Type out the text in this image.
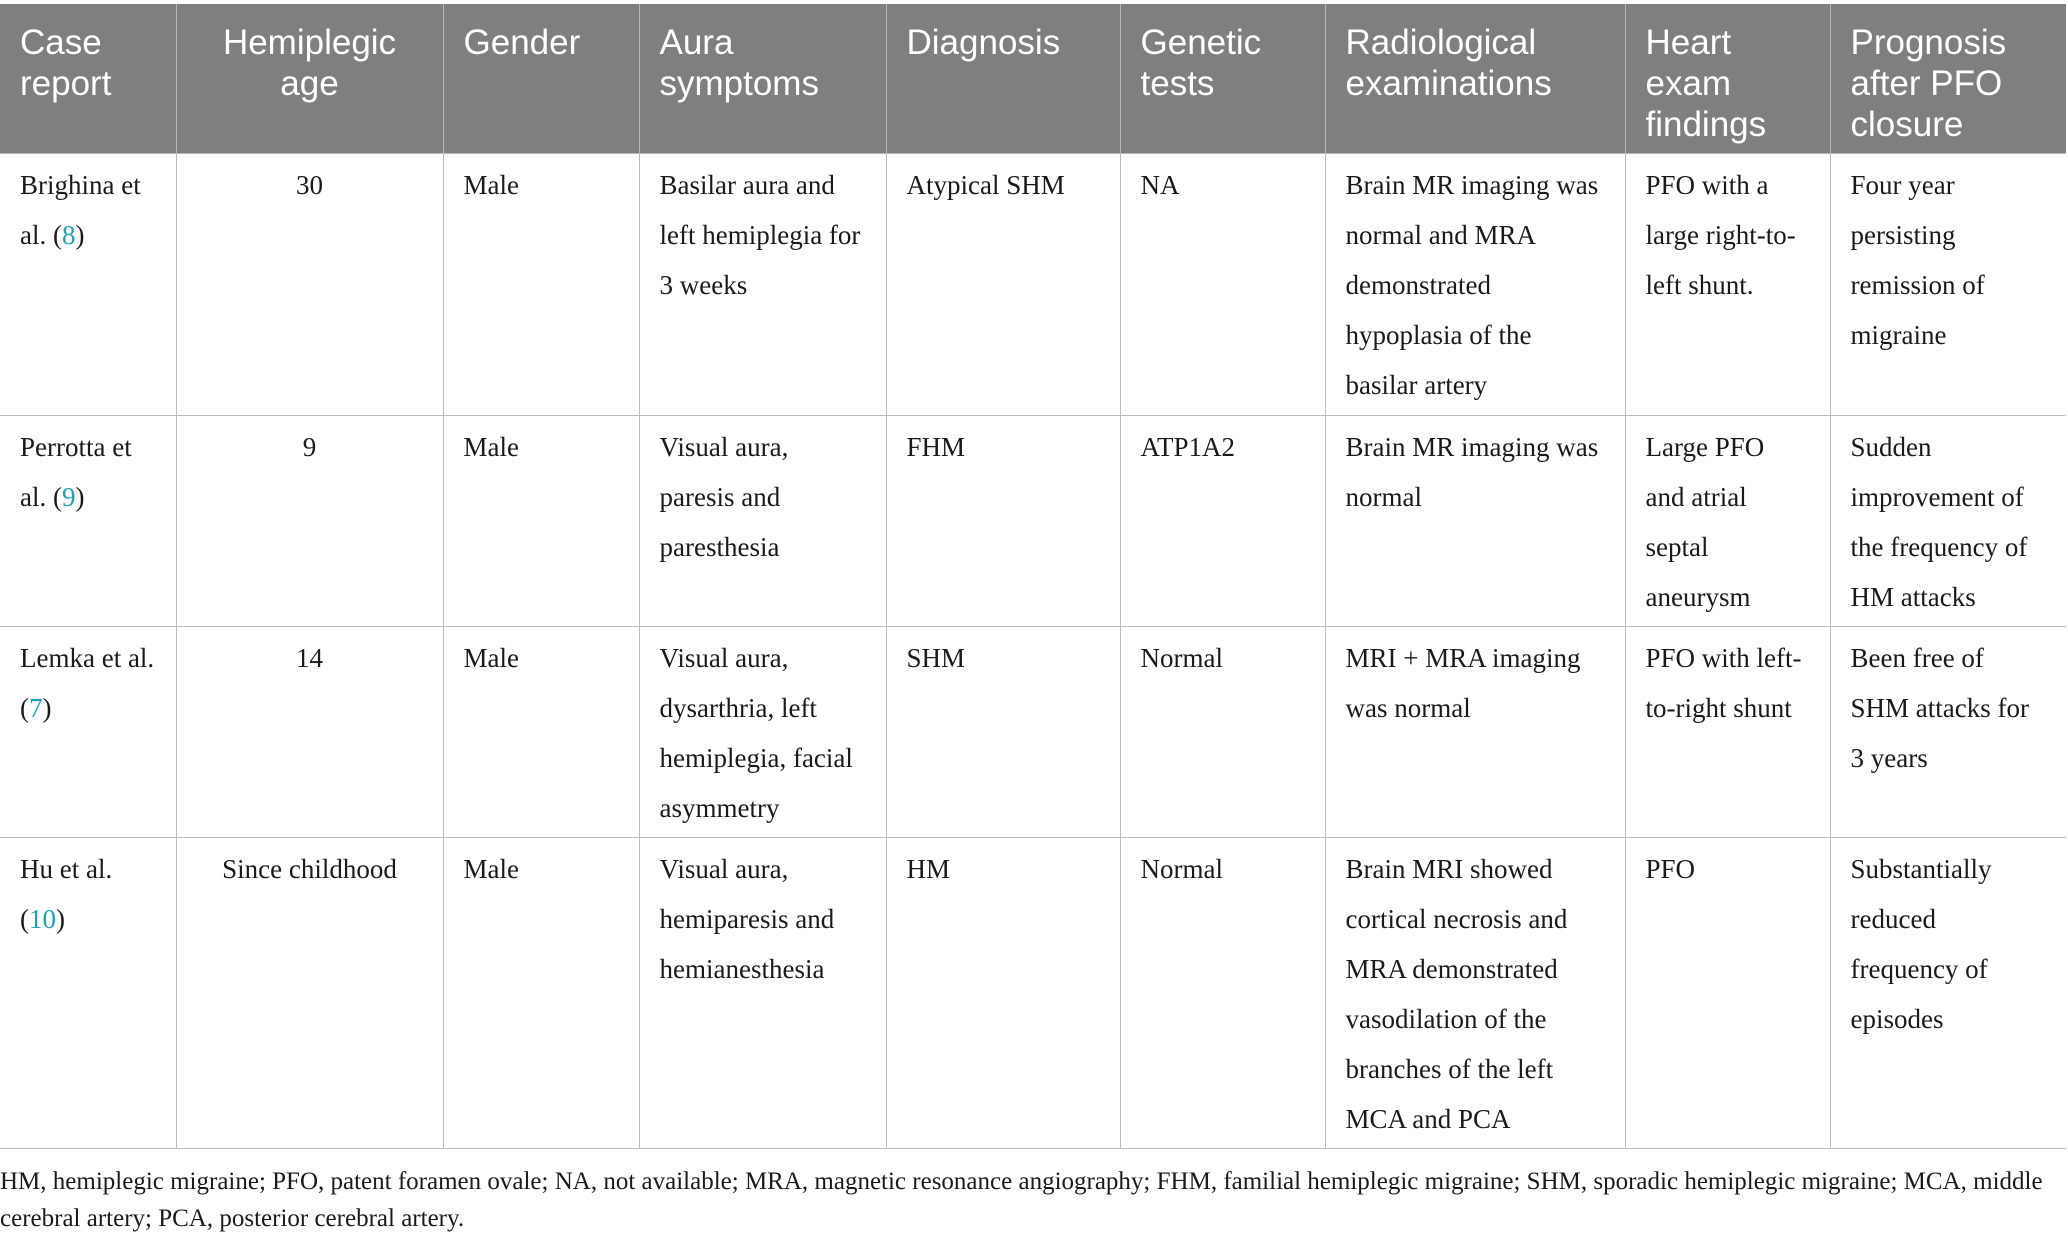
Case report	Hemiplegic age	Gender	Aura symptoms	Diagnosis	Genetic tests	Radiological examinations	Heart exam findings	Prognosis after PFO closure
Brighina et al. (8)	30	Male	Basilar aura and left hemiplegia for 3 weeks	Atypical SHM	NA	Brain MR imaging was normal and MRA demonstrated hypoplasia of the basilar artery	PFO with a large right-to-left shunt.	Four year persisting remission of migraine
Perrotta et al. (9)	9	Male	Visual aura, paresis and paresthesia	FHM	ATP1A2	Brain MR imaging was normal	Large PFO and atrial septal aneurysm	Sudden improvement of the frequency of HM attacks
Lemka et al. (7)	14	Male	Visual aura, dysarthria, left hemiplegia, facial asymmetry	SHM	Normal	MRI + MRA imaging was normal	PFO with left-to-right shunt	Been free of SHM attacks for 3 years
Hu et al. (10)	Since childhood	Male	Visual aura, hemiparesis and hemianesthesia	HM	Normal	Brain MRI showed cortical necrosis and MRA demonstrated vasodilation of the branches of the left MCA and PCA	PFO	Substantially reduced frequency of episodes
HM, hemiplegic migraine; PFO, patent foramen ovale; NA, not available; MRA, magnetic resonance angiography; FHM, familial hemiplegic migraine; SHM, sporadic hemiplegic migraine; MCA, middle cerebral artery; PCA, posterior cerebral artery.
